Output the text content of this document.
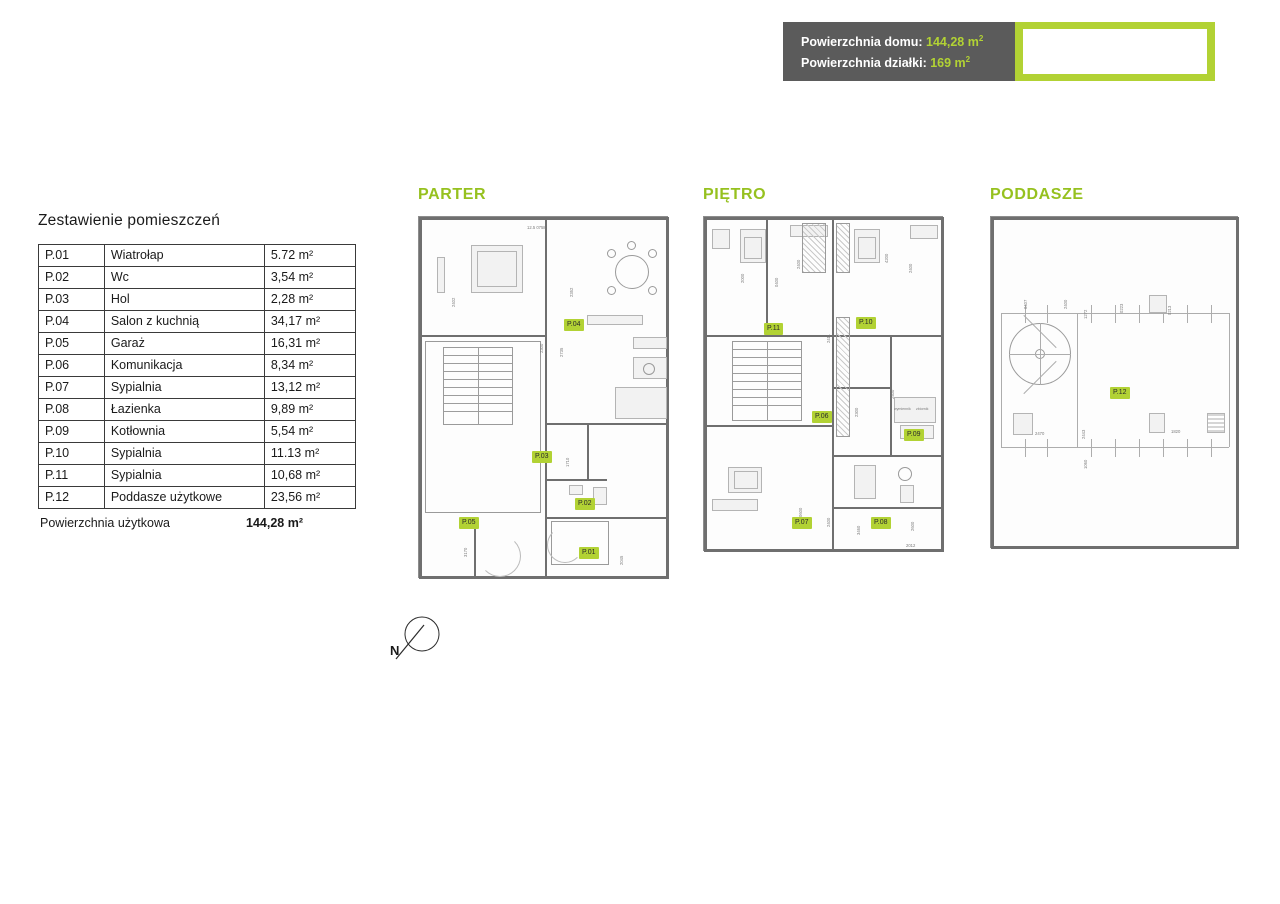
Powierzchnia domu: 144,28 $m^2$
Powierzchnia działki: 169 $m^2$
Zestawienie pomieszczeń
P.01	Wiatrołap	5.72 m²
P.02	Wc	3,54 m²
P.03	Hol	2,28 m²
P.04	Salon z kuchnią	34,17 m²
P.05	Garaż	16,31 m²
P.06	Komunikacja	8,34 m²
P.07	Sypialnia	13,12 m²
P.08	Łazienka	9,89 m²
P.09	Kotłownia	5,54 m²
P.10	Sypialnia	11.13 m²
P.11	Sypialnia	10,68 m²
P.12	Poddasze użytkowe	23,56 m²
Powierzchnia użytkowa	144,28 m²
PARTER
12.5 0758
2402
2735
2300
1710
3170
2352
2045
P.04
P.03
P.02
P.05
P.01
PIĘTRO
wymiennik zbiornik
2400
4200
2400
2000	0400
2411
2300
2400
0600
2400
3460	2600
2012
P.11
P.10
P.06
P.09
P.07	P.08
PODDASZE
0407	2400
1272
0223	0213
2443
1060
2470	1820
P.12
N
